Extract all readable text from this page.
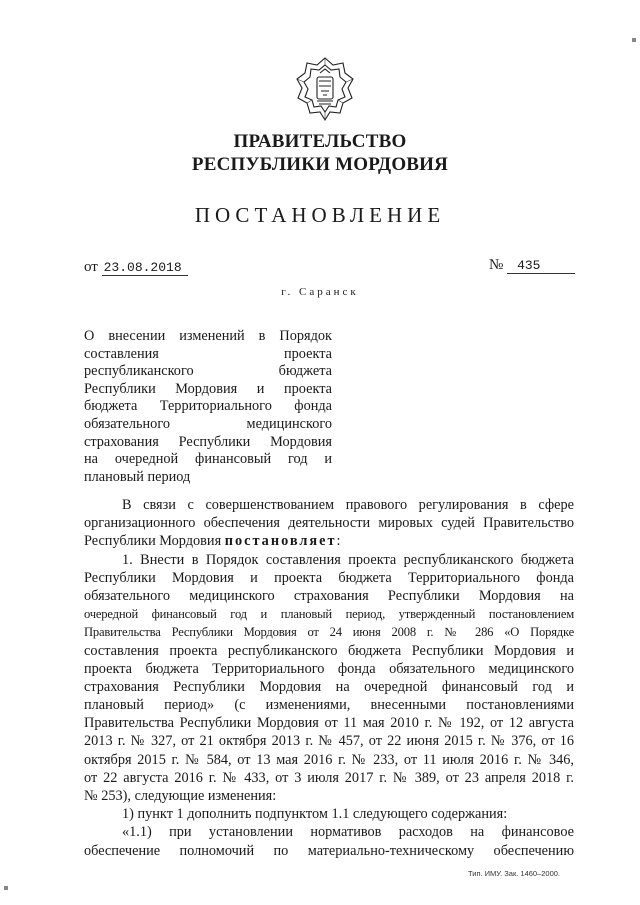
ПРАВИТЕЛЬСТВО
РЕСПУБЛИКИ МОРДОВИЯ
ПОСТАНОВЛЕНИЕ
от 23.08.2018	№ 435
г. Саранск
О внесении изменений в Порядок
составления проекта
республиканского бюджета
Республики Мордовия и проекта
бюджета Территориального фонда
обязательного медицинского
страхования Республики Мордовия
на очередной финансовый год и
плановый период
В связи с совершенствованием правового регулирования в сфере
организационного обеспечения деятельности мировых судей Правительство
Республики Мордовия постановляет:
1. Внести в Порядок составления проекта республиканского бюджета
Республики Мордовия и проекта бюджета Территориального фонда
обязательного медицинского страхования Республики Мордовия на
очередной финансовый год и плановый период, утвержденный постановлением
Правительства Республики Мордовия от 24 июня 2008 г. № 286 «О Порядке
составления проекта республиканского бюджета Республики Мордовия и
проекта бюджета Территориального фонда обязательного медицинского
страхования Республики Мордовия на очередной финансовый год и
плановый период» (с изменениями, внесенными постановлениями
Правительства Республики Мордовия от 11 мая 2010 г. № 192, от 12 августа
2013 г. № 327, от 21 октября 2013 г. № 457, от 22 июня 2015 г. № 376, от 16
октября 2015 г. № 584, от 13 мая 2016 г. № 233, от 11 июля 2016 г. № 346,
от 22 августа 2016 г. № 433, от 3 июля 2017 г. № 389, от 23 апреля 2018 г.
№ 253), следующие изменения:
1) пункт 1 дополнить подпунктом 1.1 следующего содержания:
«1.1) при установлении нормативов расходов на финансовое
обеспечение полномочий по материально-техническому обеспечению
Тип. ИМУ. Зак. 1460–2000.
